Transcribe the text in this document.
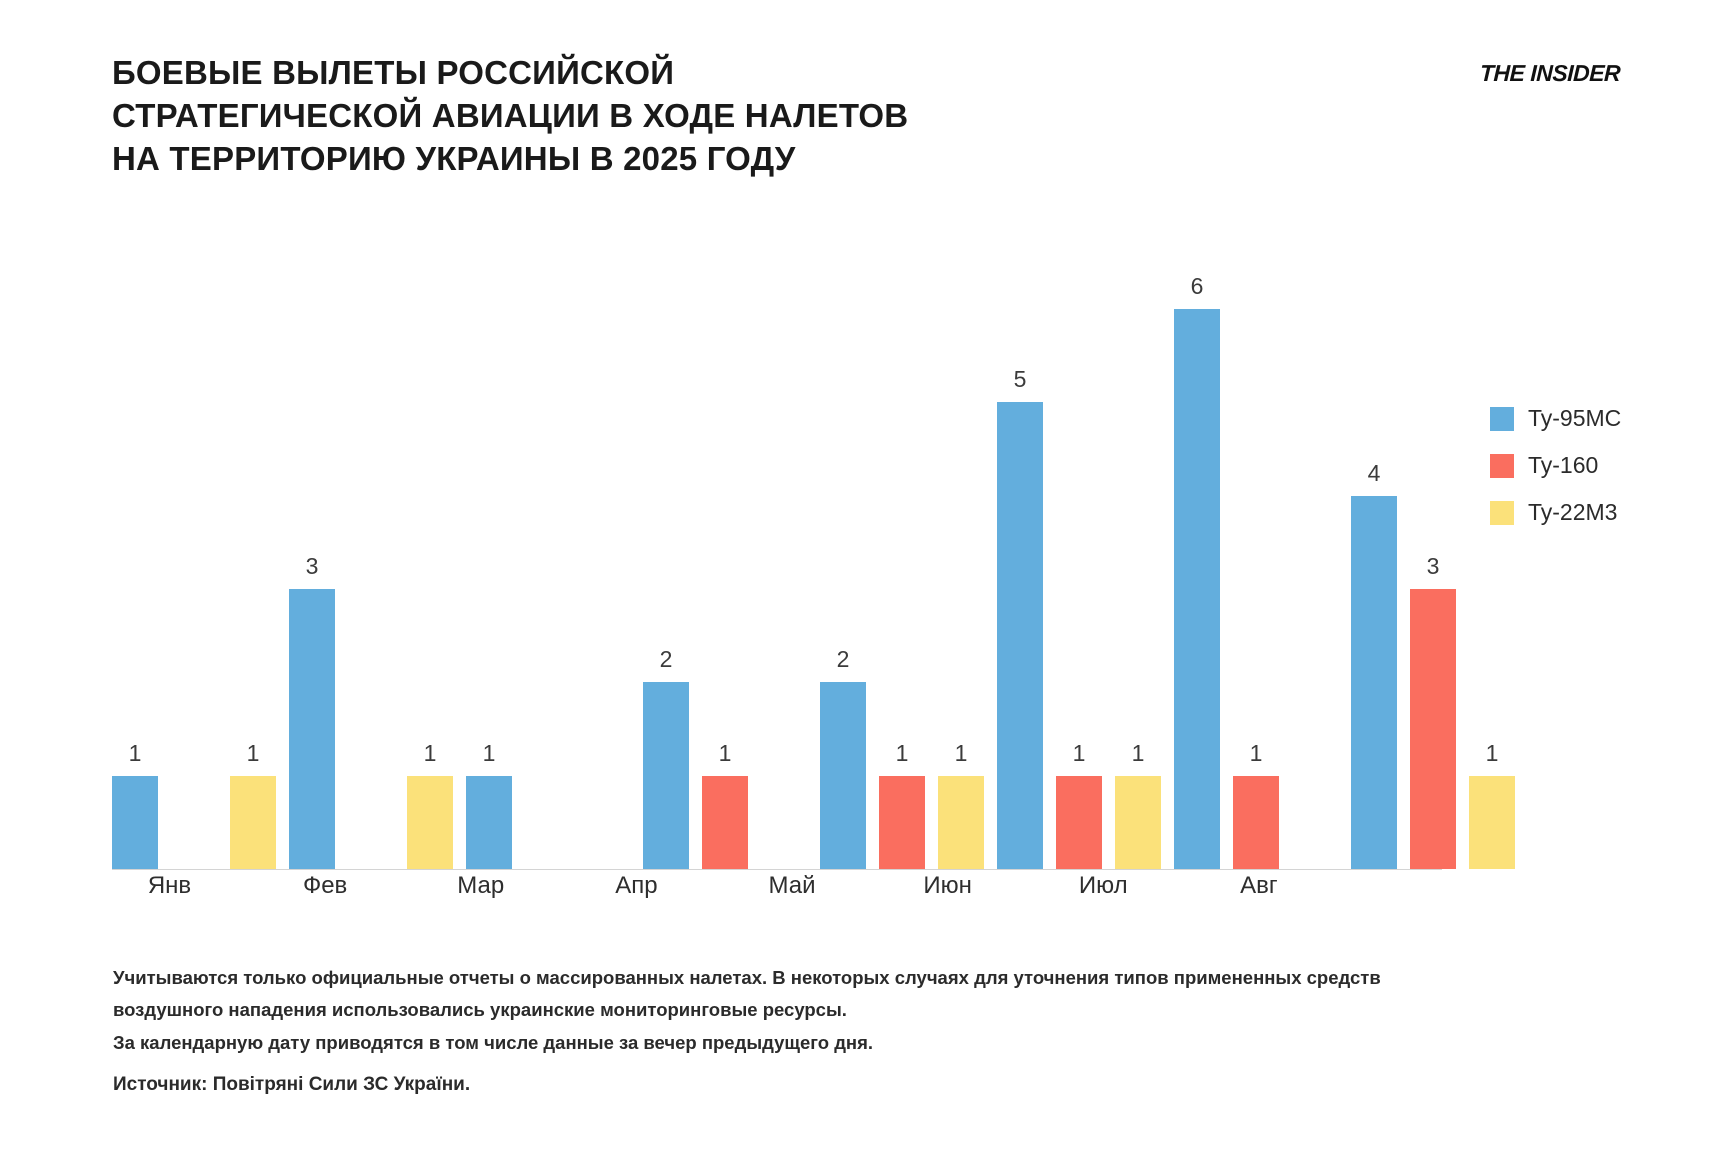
БОЕВЫЕ ВЫЛЕТЫ РОССИЙСКОЙ
СТРАТЕГИЧЕСКОЙ АВИАЦИИ В ХОДЕ НАЛЕТОВ
НА ТЕРРИТОРИЮ УКРАИНЫ В 2025 ГОДУ
THE INSIDER
1	1
3
1 1
2
1
2
1 1
5
1 1
6
1
4
3
1
Янв	Фев	Мар	Апр	Май	Июн	Июл	Авг
Ту-95МС
Ту-160
Ту-22М3

Учитываются только официальные отчеты о массированных налетах. В некоторых случаях для уточнения типов примененных средств

воздушного нападения использовались украинские мониторинговые ресурсы.

За календарную дату приводятся в том числе данные за вечер предыдущего дня.

Источник: Повітряні Сили ЗС України.
